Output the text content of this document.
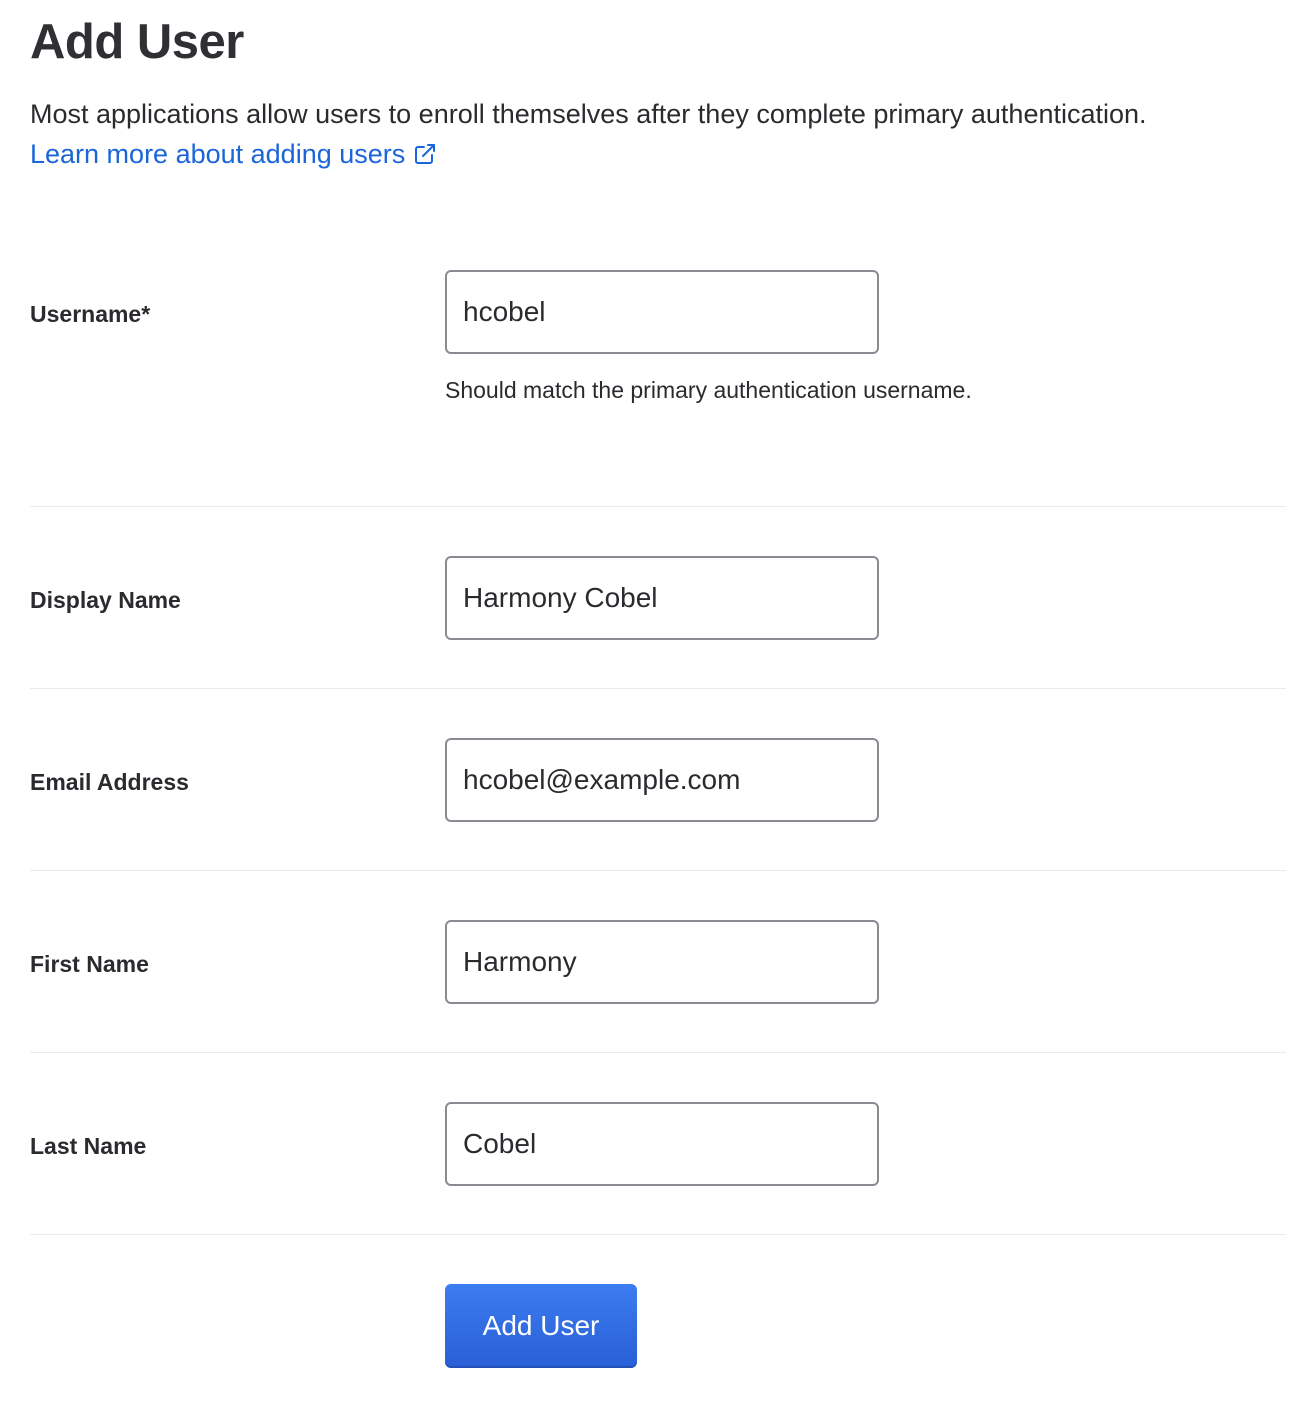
Add User
Most applications allow users to enroll themselves after they complete primary authentication.
Learn more about adding users
Username*
hcobel
Should match the primary authentication username.
Display Name
Harmony Cobel
Email Address
hcobel@example.com
First Name
Harmony
Last Name
Cobel
Add User
